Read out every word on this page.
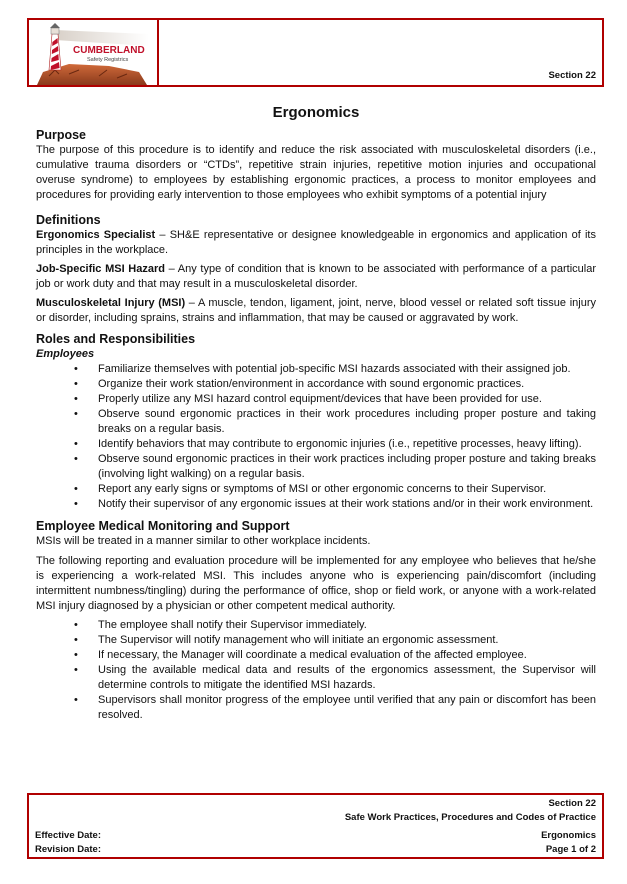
CUMBERLAND
Safety Registrics
Section 22
Ergonomics
Purpose

The purpose of this procedure is to identify and reduce the risk associated with musculoskeletal disorders (i.e., cumulative trauma disorders or “CTDs”, repetitive strain injuries, repetitive motion injuries and occupational overuse syndrome) to employees by establishing ergonomic practices, a process to monitor employees and procedures for providing early intervention to those employees who exhibit symptoms of a potential injury

Definitions

Ergonomics Specialist – SH&E representative or designee knowledgeable in ergonomics and application of its principles in the workplace.

Job-Specific MSI Hazard – Any type of condition that is known to be associated with performance of a particular job or work duty and that may result in a musculoskeletal disorder.

Musculoskeletal Injury (MSI) – A muscle, tendon, ligament, joint, nerve, blood vessel or related soft tissue injury or disorder, including sprains, strains and inflammation, that may be caused or aggravated by work.

Roles and Responsibilities
Employees
• Familiarize themselves with potential job-specific MSI hazards associated with their assigned job.
• Organize their work station/environment in accordance with sound ergonomic practices.
• Properly utilize any MSI hazard control equipment/devices that have been provided for use.
• Observe sound ergonomic practices in their work procedures including proper posture and taking breaks on a regular basis.
• Identify behaviors that may contribute to ergonomic injuries (i.e., repetitive processes, heavy lifting).
• Observe sound ergonomic practices in their work practices including proper posture and taking breaks (involving light walking) on a regular basis.
• Report any early signs or symptoms of MSI or other ergonomic concerns to their Supervisor.
• Notify their supervisor of any ergonomic issues at their work stations and/or in their work environment.
Employee Medical Monitoring and Support

MSIs will be treated in a manner similar to other workplace incidents.

The following reporting and evaluation procedure will be implemented for any employee who believes that he/she is experiencing a work-related MSI. This includes anyone who is experiencing pain/discomfort (including intermittent numbness/tingling) during the performance of office, shop or field work, or anyone with a work-related MSI injury diagnosed by a physician or other competent medical authority.

• The employee shall notify their Supervisor immediately.
• The Supervisor will notify management who will initiate an ergonomic assessment.
• If necessary, the Manager will coordinate a medical evaluation of the affected employee.
• Using the available medical data and results of the ergonomics assessment, the Supervisor will determine controls to mitigate the identified MSI hazards.
• Supervisors shall monitor progress of the employee until verified that any pain or discomfort has been resolved.
Section 22
Safe Work Practices, Procedures and Codes of Practice
Effective Date:	Ergonomics
Revision Date:	Page 1 of 2
